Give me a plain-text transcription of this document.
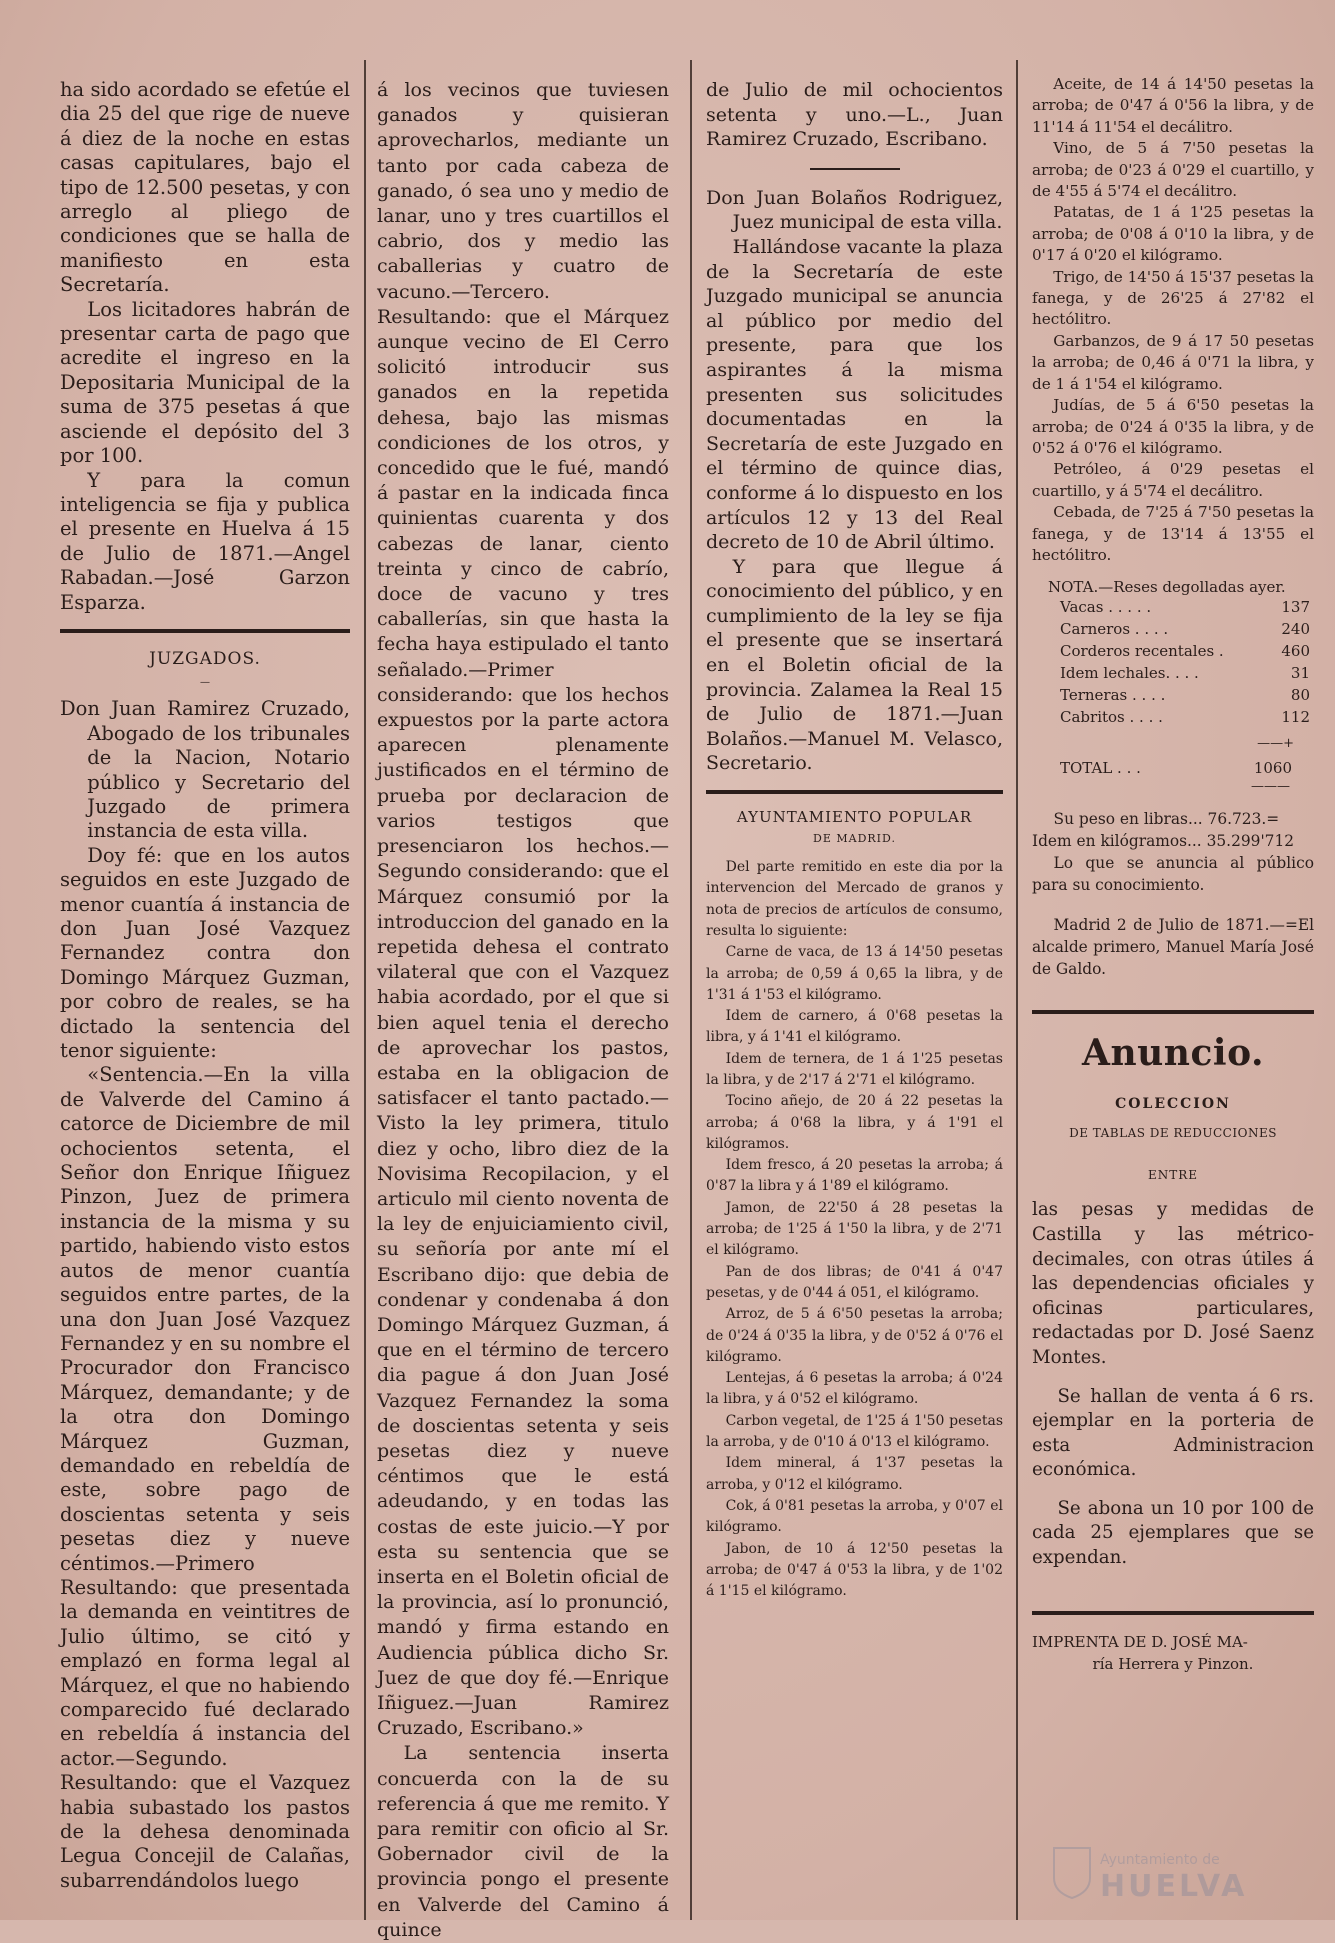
ha sido acordado se efetúe el dia 25 del que rige de nueve á diez de la noche en estas casas capitulares, bajo el tipo de 12.500 pesetas, y con arreglo al pliego de condiciones que se halla de manifiesto en esta Secretaría.

Los licitadores habrán de presentar carta de pago que acredite el ingreso en la Depositaria Municipal de la suma de 375 pesetas á que asciende el depósito del 3 por 100.

Y para la comun inteligencia se fija y publica el presente en Huelva á 15 de Julio de 1871.—Angel Rabadan.—José Garzon Esparza.

JUZGADOS.
—

Don Juan Ramirez Cruzado, Abogado de los tribunales de la Nacion, Notario público y Secretario del Juzgado de primera instancia de esta villa.

Doy fé: que en los autos seguidos en este Juzgado de menor cuantía á instancia de don Juan José Vazquez Fernandez contra don Domingo Márquez Guzman, por cobro de reales, se ha dictado la sentencia del tenor siguiente:

«Sentencia.—En la villa de Valverde del Camino á catorce de Diciembre de mil ochocientos setenta, el Señor don Enrique Iñiguez Pinzon, Juez de primera instancia de la misma y su partido, habiendo visto estos autos de menor cuantía seguidos entre partes, de la una don Juan José Vazquez Fernandez y en su nombre el Procurador don Francisco Márquez, demandante; y de la otra don Domingo Márquez Guzman, demandado en rebeldía de este, sobre pago de doscientas setenta y seis pesetas diez y nueve céntimos.—Primero Resultando: que presentada la demanda en veintitres de Julio último, se citó y emplazó en forma legal al Márquez, el que no habiendo comparecido fué declarado en rebeldía á instancia del actor.—Segundo. Resultando: que el Vazquez habia subastado los pastos de la dehesa denominada Legua Concejil de Calañas, subarrendándolos luego

á los vecinos que tuviesen ganados y quisieran aprovecharlos, mediante un tanto por cada cabeza de ganado, ó sea uno y medio de lanar, uno y tres cuartillos el cabrio, dos y medio las caballerias y cuatro de vacuno.—Tercero. Resultando: que el Márquez aunque vecino de El Cerro solicitó introducir sus ganados en la repetida dehesa, bajo las mismas condiciones de los otros, y concedido que le fué, mandó á pastar en la indicada finca quinientas cuarenta y dos cabezas de lanar, ciento treinta y cinco de cabrío, doce de vacuno y tres caballerías, sin que hasta la fecha haya estipulado el tanto señalado.—Primer considerando: que los hechos expuestos por la parte actora aparecen plenamente justificados en el término de prueba por declaracion de varios testigos que presenciaron los hechos.—Segundo considerando: que el Márquez consumió por la introduccion del ganado en la repetida dehesa el contrato vilateral que con el Vazquez habia acordado, por el que si bien aquel tenia el derecho de aprovechar los pastos, estaba en la obligacion de satisfacer el tanto pactado.—Visto la ley primera, titulo diez y ocho, libro diez de la Novisima Recopilacion, y el articulo mil ciento noventa de la ley de enjuiciamiento civil, su señoría por ante mí el Escribano dijo: que debia de condenar y condenaba á don Domingo Márquez Guzman, á que en el término de tercero dia pague á don Juan José Vazquez Fernandez la soma de doscientas setenta y seis pesetas diez y nueve céntimos que le está adeudando, y en todas las costas de este juicio.—Y por esta su sentencia que se inserta en el Boletin oficial de la provincia, así lo pronunció, mandó y firma estando en Audiencia pública dicho Sr. Juez de que doy fé.—Enrique Iñiguez.—Juan Ramirez Cruzado, Escribano.»

La sentencia inserta concuerda con la de su referencia á que me remito. Y para remitir con oficio al Sr. Gobernador civil de la provincia pongo el presente en Valverde del Camino á quince

de Julio de mil ochocientos setenta y uno.—L., Juan Ramirez Cruzado, Escribano.

Don Juan Bolaños Rodriguez, Juez municipal de esta villa.

Hallándose vacante la plaza de la Secretaría de este Juzgado municipal se anuncia al público por medio del presente, para que los aspirantes á la misma presenten sus solicitudes documentadas en la Secretaría de este Juzgado en el término de quince dias, conforme á lo dispuesto en los artículos 12 y 13 del Real decreto de 10 de Abril último.

Y para que llegue á conocimiento del público, y en cumplimiento de la ley se fija el presente que se insertará en el Boletin oficial de la provincia. Zalamea la Real 15 de Julio de 1871.—Juan Bolaños.—Manuel M. Velasco, Secretario.

AYUNTAMIENTO POPULAR
DE MADRID.

Del parte remitido en este dia por la intervencion del Mercado de granos y nota de precios de artículos de consumo, resulta lo siguiente:

Carne de vaca, de 13 á 14'50 pesetas la arroba; de 0,59 á 0,65 la libra, y de 1'31 á 1'53 el kilógramo.

Idem de carnero, á 0'68 pesetas la libra, y á 1'41 el kilógramo.

Idem de ternera, de 1 á 1'25 pesetas la libra, y de 2'17 á 2'71 el kilógramo.

Tocino añejo, de 20 á 22 pesetas la arroba; á 0'68 la libra, y á 1'91 el kilógramos.

Idem fresco, á 20 pesetas la arroba; á 0'87 la libra y á 1'89 el kilógramo.

Jamon, de 22'50 á 28 pesetas la arroba; de 1'25 á 1'50 la libra, y de 2'71 el kilógramo.

Pan de dos libras; de 0'41 á 0'47 pesetas, y de 0'44 á 051, el kilógramo.

Arroz, de 5 á 6'50 pesetas la arroba; de 0'24 á 0'35 la libra, y de 0'52 á 0'76 el kilógramo.

Lentejas, á 6 pesetas la arroba; á 0'24 la libra, y á 0'52 el kilógramo.

Carbon vegetal, de 1'25 á 1'50 pesetas la arroba, y de 0'10 á 0'13 el kilógramo.

Idem mineral, á 1'37 pesetas la arroba, y 0'12 el kilógramo.

Cok, á 0'81 pesetas la arroba, y 0'07 el kilógramo.

Jabon, de 10 á 12'50 pesetas la arroba; de 0'47 á 0'53 la libra, y de 1'02 á 1'15 el kilógramo.

Aceite, de 14 á 14'50 pesetas la arroba; de 0'47 á 0'56 la libra, y de 11'14 á 11'54 el decálitro.

Vino, de 5 á 7'50 pesetas la arroba; de 0'23 á 0'29 el cuartillo, y de 4'55 á 5'74 el decálitro.

Patatas, de 1 á 1'25 pesetas la arroba; de 0'08 á 0'10 la libra, y de 0'17 á 0'20 el kilógramo.

Trigo, de 14'50 á 15'37 pesetas la fanega, y de 26'25 á 27'82 el hectólitro.

Garbanzos, de 9 á 17 50 pesetas la arroba; de 0,46 á 0'71 la libra, y de 1 á 1'54 el kilógramo.

Judías, de 5 á 6'50 pesetas la arroba; de 0'24 á 0'35 la libra, y de 0'52 á 0'76 el kilógramo.

Petróleo, á 0'29 pesetas el cuartillo, y á 5'74 el decálitro.

Cebada, de 7'25 á 7'50 pesetas la fanega, y de 13'14 á 13'55 el hectólitro.

NOTA.—Reses degolladas ayer.
Vacas . . . . .	137
Carneros . . . .	240
Corderos recentales .	460
Idem lechales. . . .	31
Terneras . . . .	80
Cabritos . . . .	112
——+
TOTAL . . .	1060
———

Su peso en libras... 76.723.=

Idem en kilógramos... 35.299'712

Lo que se anuncia al público para su conocimiento.

Madrid 2 de Julio de 1871.—=El alcalde primero, Manuel María José de Galdo.

Anuncio.
COLECCION
DE TABLAS DE REDUCCIONES
ENTRE

las pesas y medidas de Castilla y las métrico-decimales, con otras útiles á las dependencias oficiales y oficinas particulares, redactadas por D. José Saenz Montes.

Se hallan de venta á 6 rs. ejemplar en la porteria de esta Administracion económica.

Se abona un 10 por 100 de cada 25 ejemplares que se expendan.

IMPRENTA DE D. JOSÉ MA-
ría Herrera y Pinzon.
Ayuntamiento de
HUELVA
